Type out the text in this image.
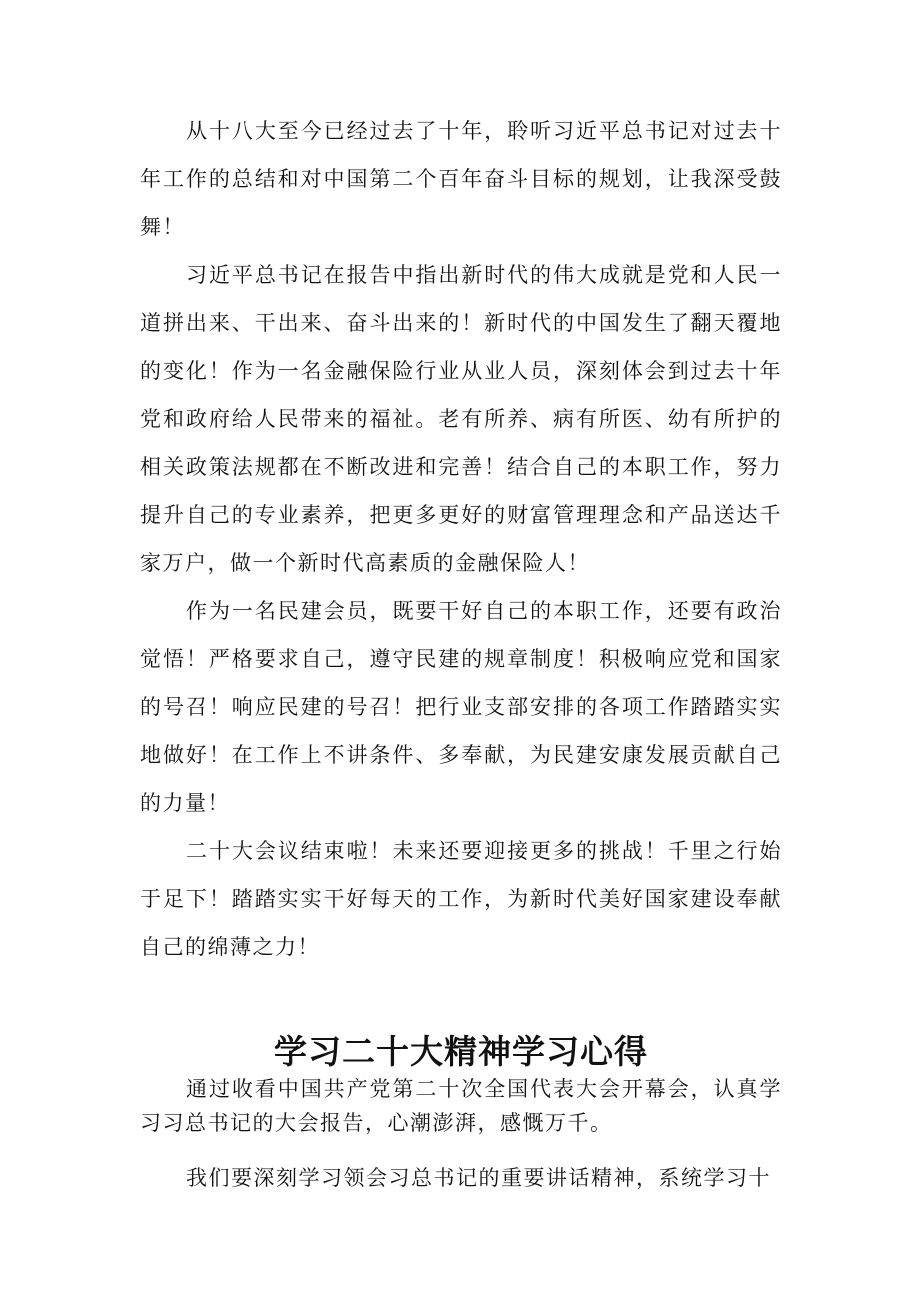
从十八大至今已经过去了十年，聆听习近平总书记对过去十年工作的总结和对中国第二个百年奋斗目标的规划，让我深受鼓舞！

习近平总书记在报告中指出新时代的伟大成就是党和人民一道拼出来、干出来、奋斗出来的！新时代的中国发生了翻天覆地的变化！作为一名金融保险行业从业人员，深刻体会到过去十年党和政府给人民带来的福祉。老有所养、病有所医、幼有所护的相关政策法规都在不断改进和完善！结合自己的本职工作，努力提升自己的专业素养，把更多更好的财富管理理念和产品送达千家万户，做一个新时代高素质的金融保险人！

作为一名民建会员，既要干好自己的本职工作，还要有政治觉悟！严格要求自己，遵守民建的规章制度！积极响应党和国家的号召！响应民建的号召！把行业支部安排的各项工作踏踏实实地做好！在工作上不讲条件、多奉献，为民建安康发展贡献自己的力量！

二十大会议结束啦！未来还要迎接更多的挑战！千里之行始于足下！踏踏实实干好每天的工作，为新时代美好国家建设奉献自己的绵薄之力！

学习二十大精神学习心得

通过收看中国共产党第二十次全国代表大会开幕会，认真学习习总书记的大会报告，心潮澎湃，感慨万千。

我们要深刻学习领会习总书记的重要讲话精神，系统学习十
